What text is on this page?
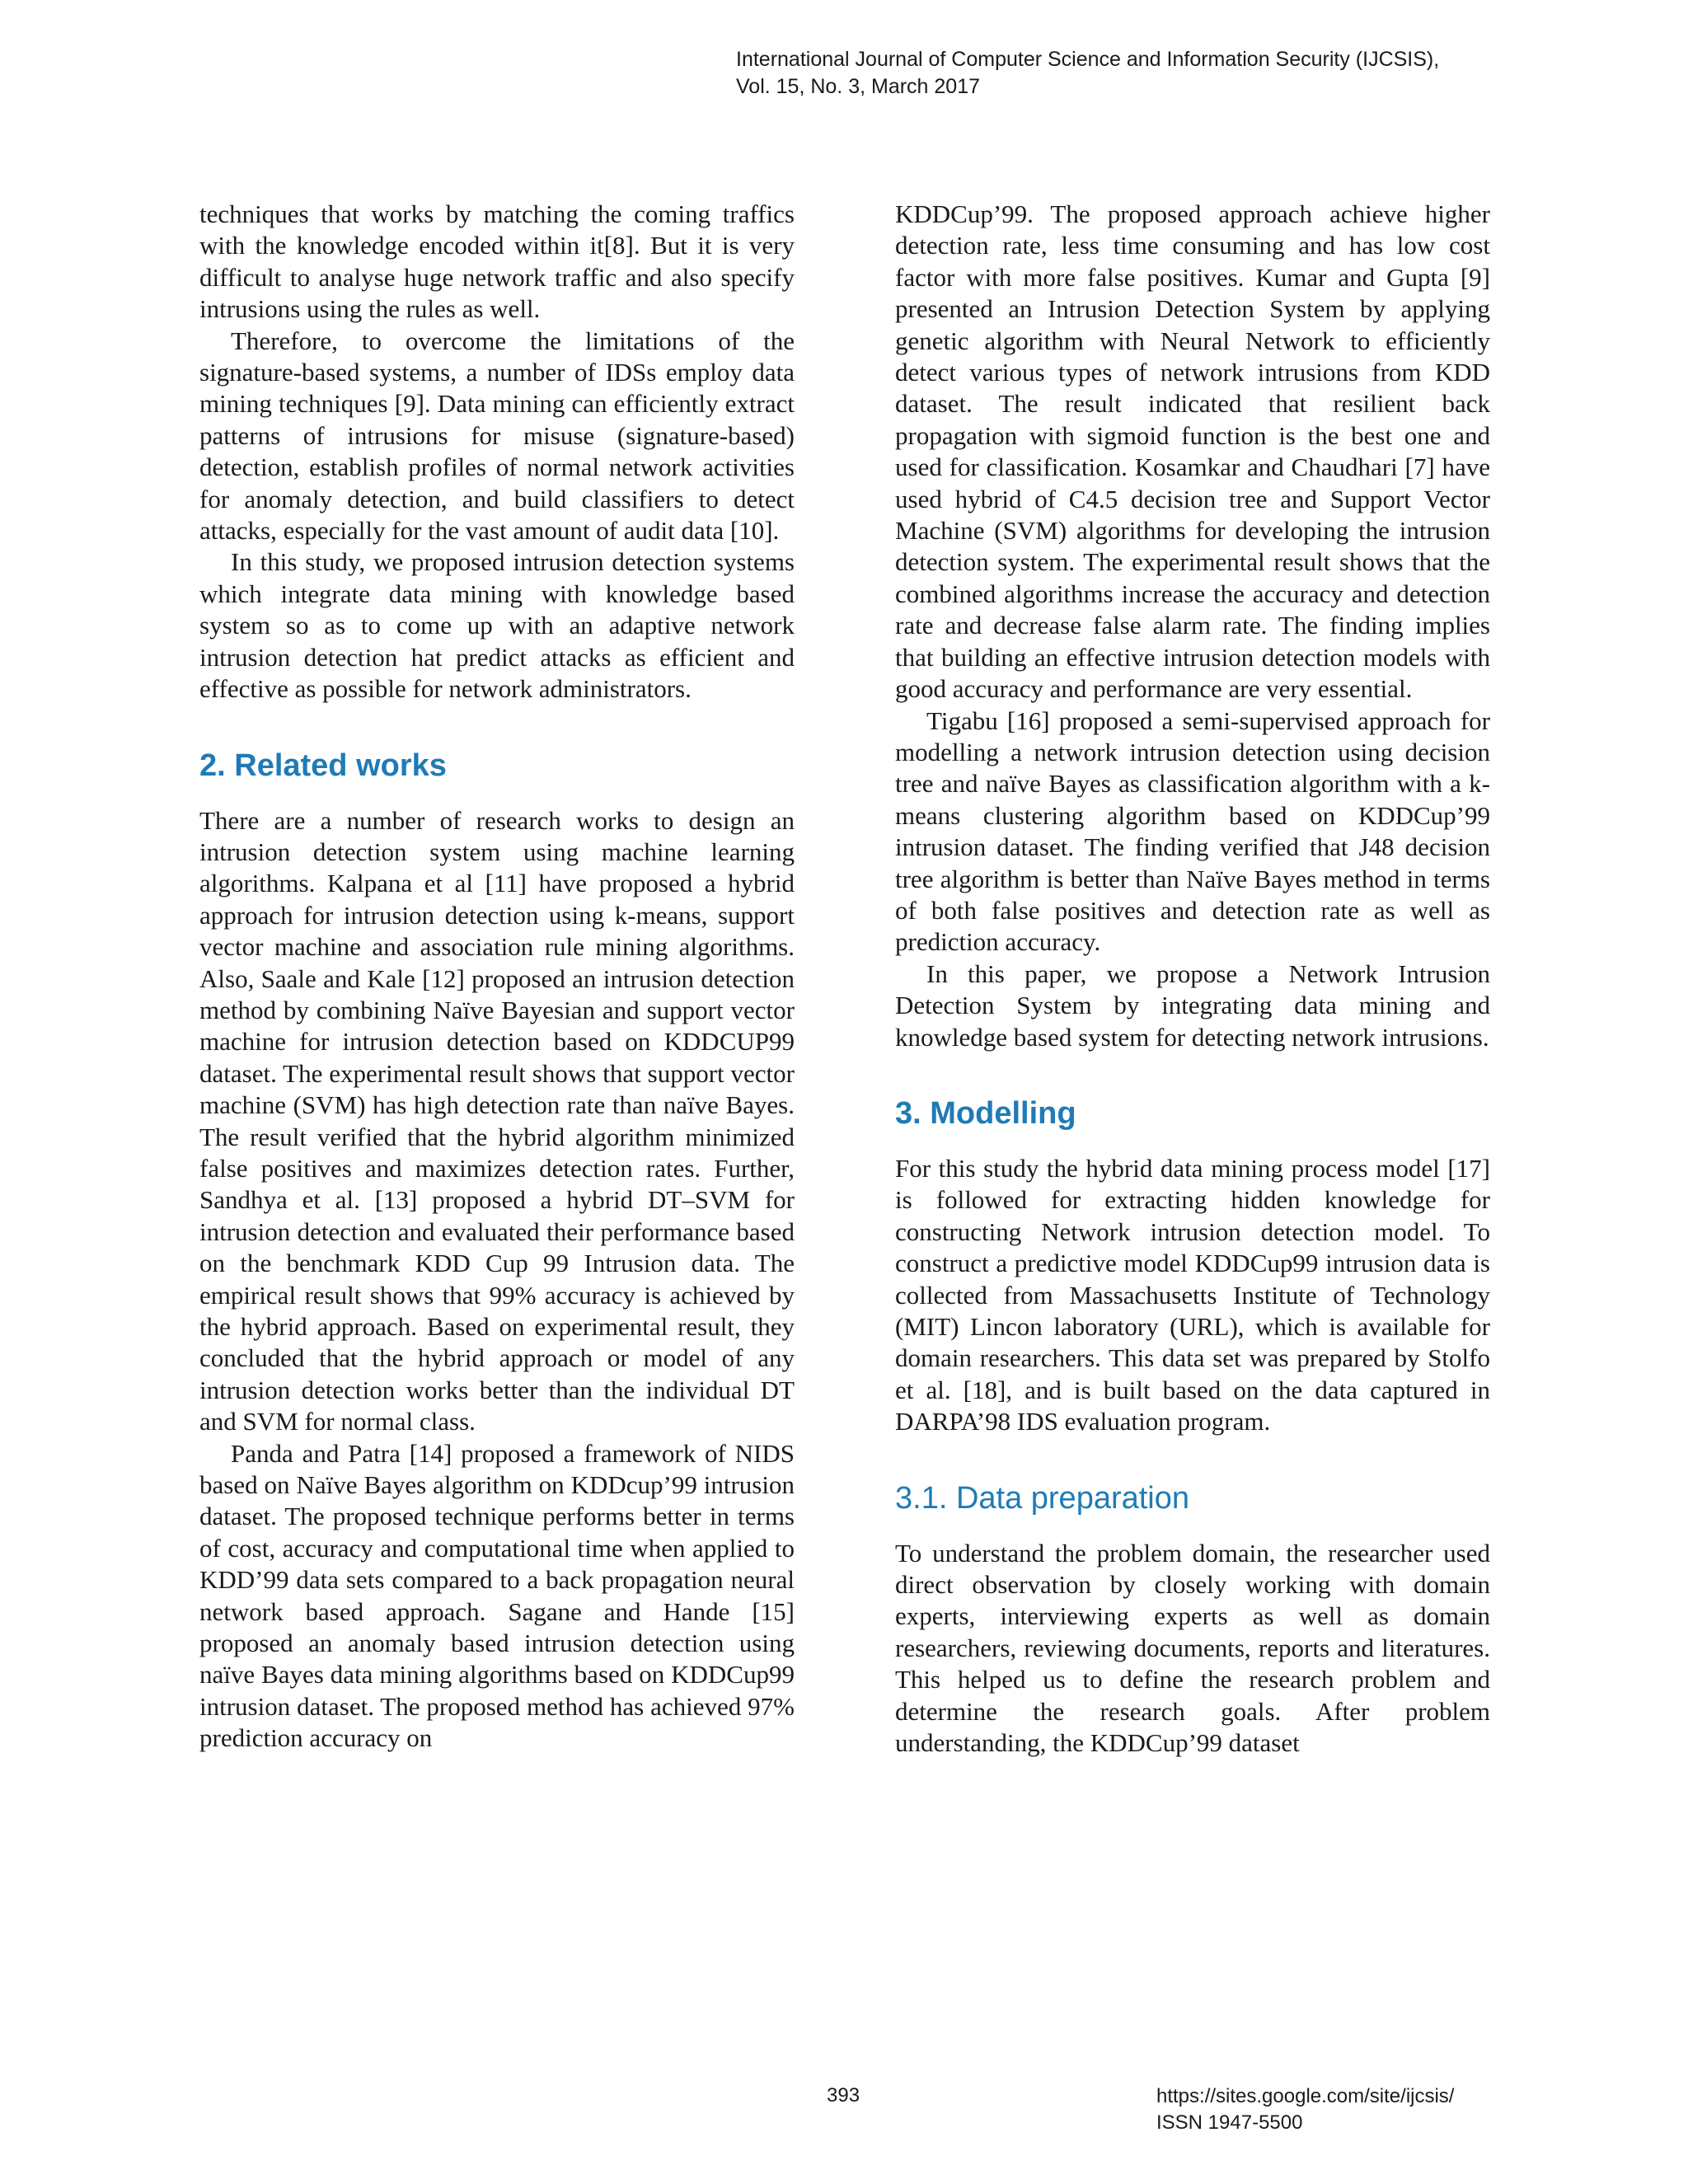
International Journal of Computer Science and Information Security (IJCSIS),
Vol. 15, No. 3, March 2017

techniques that works by matching the coming traffics with the knowledge encoded within it[8]. But it is very difficult to analyse huge network traffic and also specify intrusions using the rules as well.

Therefore, to overcome the limitations of the signature-based systems, a number of IDSs employ data mining techniques [9]. Data mining can efficiently extract patterns of intrusions for misuse (signature-based) detection, establish profiles of normal network activities for anomaly detection, and build classifiers to detect attacks, especially for the vast amount of audit data [10].

In this study, we proposed intrusion detection systems which integrate data mining with knowledge based system so as to come up with an adaptive network intrusion detection hat predict attacks as efficient and effective as possible for network administrators.

2. Related works

There are a number of research works to design an intrusion detection system using machine learning algorithms. Kalpana et al [11] have proposed a hybrid approach for intrusion detection using k-means, support vector machine and association rule mining algorithms. Also, Saale and Kale [12] proposed an intrusion detection method by combining Naïve Bayesian and support vector machine for intrusion detection based on KDDCUP99 dataset. The experimental result shows that support vector machine (SVM) has high detection rate than naïve Bayes. The result verified that the hybrid algorithm minimized false positives and maximizes detection rates. Further, Sandhya et al. [13] proposed a hybrid DT–SVM for intrusion detection and evaluated their performance based on the benchmark KDD Cup 99 Intrusion data. The empirical result shows that 99% accuracy is achieved by the hybrid approach. Based on experimental result, they concluded that the hybrid approach or model of any intrusion detection works better than the individual DT and SVM for normal class.

Panda and Patra [14] proposed a framework of NIDS based on Naïve Bayes algorithm on KDDcup’99 intrusion dataset. The proposed technique performs better in terms of cost, accuracy and computational time when applied to KDD’99 data sets compared to a back propagation neural network based approach. Sagane and Hande [15] proposed an anomaly based intrusion detection using naïve Bayes data mining algorithms based on KDDCup99 intrusion dataset. The proposed method has achieved 97% prediction accuracy on

KDDCup’99. The proposed approach achieve higher detection rate, less time consuming and has low cost factor with more false positives. Kumar and Gupta [9] presented an Intrusion Detection System by applying genetic algorithm with Neural Network to efficiently detect various types of network intrusions from KDD dataset. The result indicated that resilient back propagation with sigmoid function is the best one and used for classification. Kosamkar and Chaudhari [7] have used hybrid of C4.5 decision tree and Support Vector Machine (SVM) algorithms for developing the intrusion detection system. The experimental result shows that the combined algorithms increase the accuracy and detection rate and decrease false alarm rate. The finding implies that building an effective intrusion detection models with good accuracy and performance are very essential.

Tigabu [16] proposed a semi-supervised approach for modelling a network intrusion detection using decision tree and naïve Bayes as classification algorithm with a k-means clustering algorithm based on KDDCup’99 intrusion dataset. The finding verified that J48 decision tree algorithm is better than Naïve Bayes method in terms of both false positives and detection rate as well as prediction accuracy.

In this paper, we propose a Network Intrusion Detection System by integrating data mining and knowledge based system for detecting network intrusions.

3. Modelling

For this study the hybrid data mining process model [17] is followed for extracting hidden knowledge for constructing Network intrusion detection model. To construct a predictive model KDDCup99 intrusion data is collected from Massachusetts Institute of Technology (MIT) Lincon laboratory (URL), which is available for domain researchers. This data set was prepared by Stolfo et al. [18], and is built based on the data captured in DARPA’98 IDS evaluation program.

3.1. Data preparation

To understand the problem domain, the researcher used direct observation by closely working with domain experts, interviewing experts as well as domain researchers, reviewing documents, reports and literatures. This helped us to define the research problem and determine the research goals. After problem understanding, the KDDCup’99 dataset

393	https://sites.google.com/site/ijcsis/
ISSN 1947-5500
